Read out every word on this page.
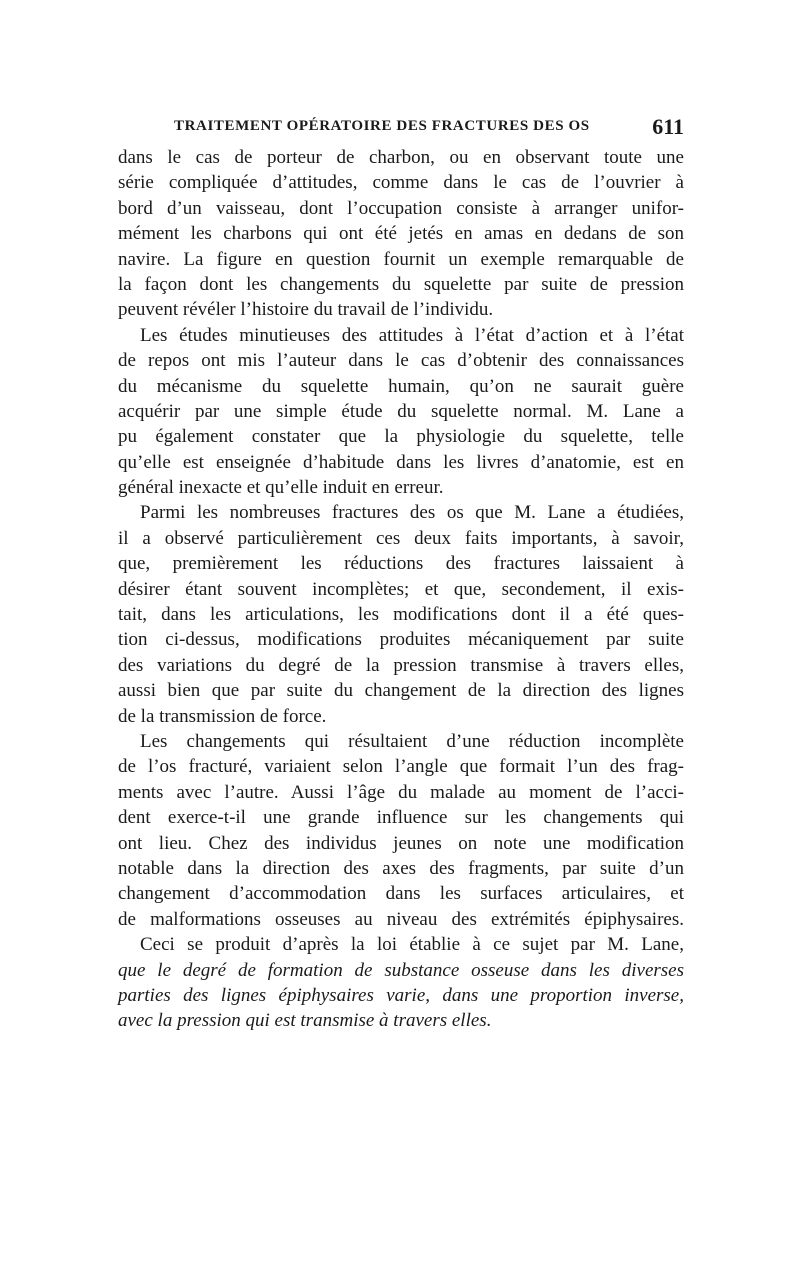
TRAITEMENT OPÉRATOIRE DES FRACTURES DES OS	611
dans le cas de porteur de charbon, ou en observant toute une
série compliquée d’attitudes, comme dans le cas de l’ouvrier à
bord d’un vaisseau, dont l’occupation consiste à arranger unifor-
mément les charbons qui ont été jetés en amas en dedans de son
navire. La figure en question fournit un exemple remarquable de
la façon dont les changements du squelette par suite de pression
peuvent révéler l’histoire du travail de l’individu.
Les études minutieuses des attitudes à l’état d’action et à l’état
de repos ont mis l’auteur dans le cas d’obtenir des connaissances
du mécanisme du squelette humain, qu’on ne saurait guère
acquérir par une simple étude du squelette normal. M. Lane a
pu également constater que la physiologie du squelette, telle
qu’elle est enseignée d’habitude dans les livres d’anatomie, est en
général inexacte et qu’elle induit en erreur.
Parmi les nombreuses fractures des os que M. Lane a étudiées,
il a observé particulièrement ces deux faits importants, à savoir,
que, premièrement les réductions des fractures laissaient à
désirer étant souvent incomplètes; et que, secondement, il exis-
tait, dans les articulations, les modifications dont il a été ques-
tion ci-dessus, modifications produites mécaniquement par suite
des variations du degré de la pression transmise à travers elles,
aussi bien que par suite du changement de la direction des lignes
de la transmission de force.
Les changements qui résultaient d’une réduction incomplète
de l’os fracturé, variaient selon l’angle que formait l’un des frag-
ments avec l’autre. Aussi l’âge du malade au moment de l’acci-
dent exerce-t-il une grande influence sur les changements qui
ont lieu. Chez des individus jeunes on note une modification
notable dans la direction des axes des fragments, par suite d’un
changement d’accommodation dans les surfaces articulaires, et
de malformations osseuses au niveau des extrémités épiphysaires.
Ceci se produit d’après la loi établie à ce sujet par M. Lane,
que le degré de formation de substance osseuse dans les diverses
parties des lignes épiphysaires varie, dans une proportion inverse,
avec la pression qui est transmise à travers elles.
